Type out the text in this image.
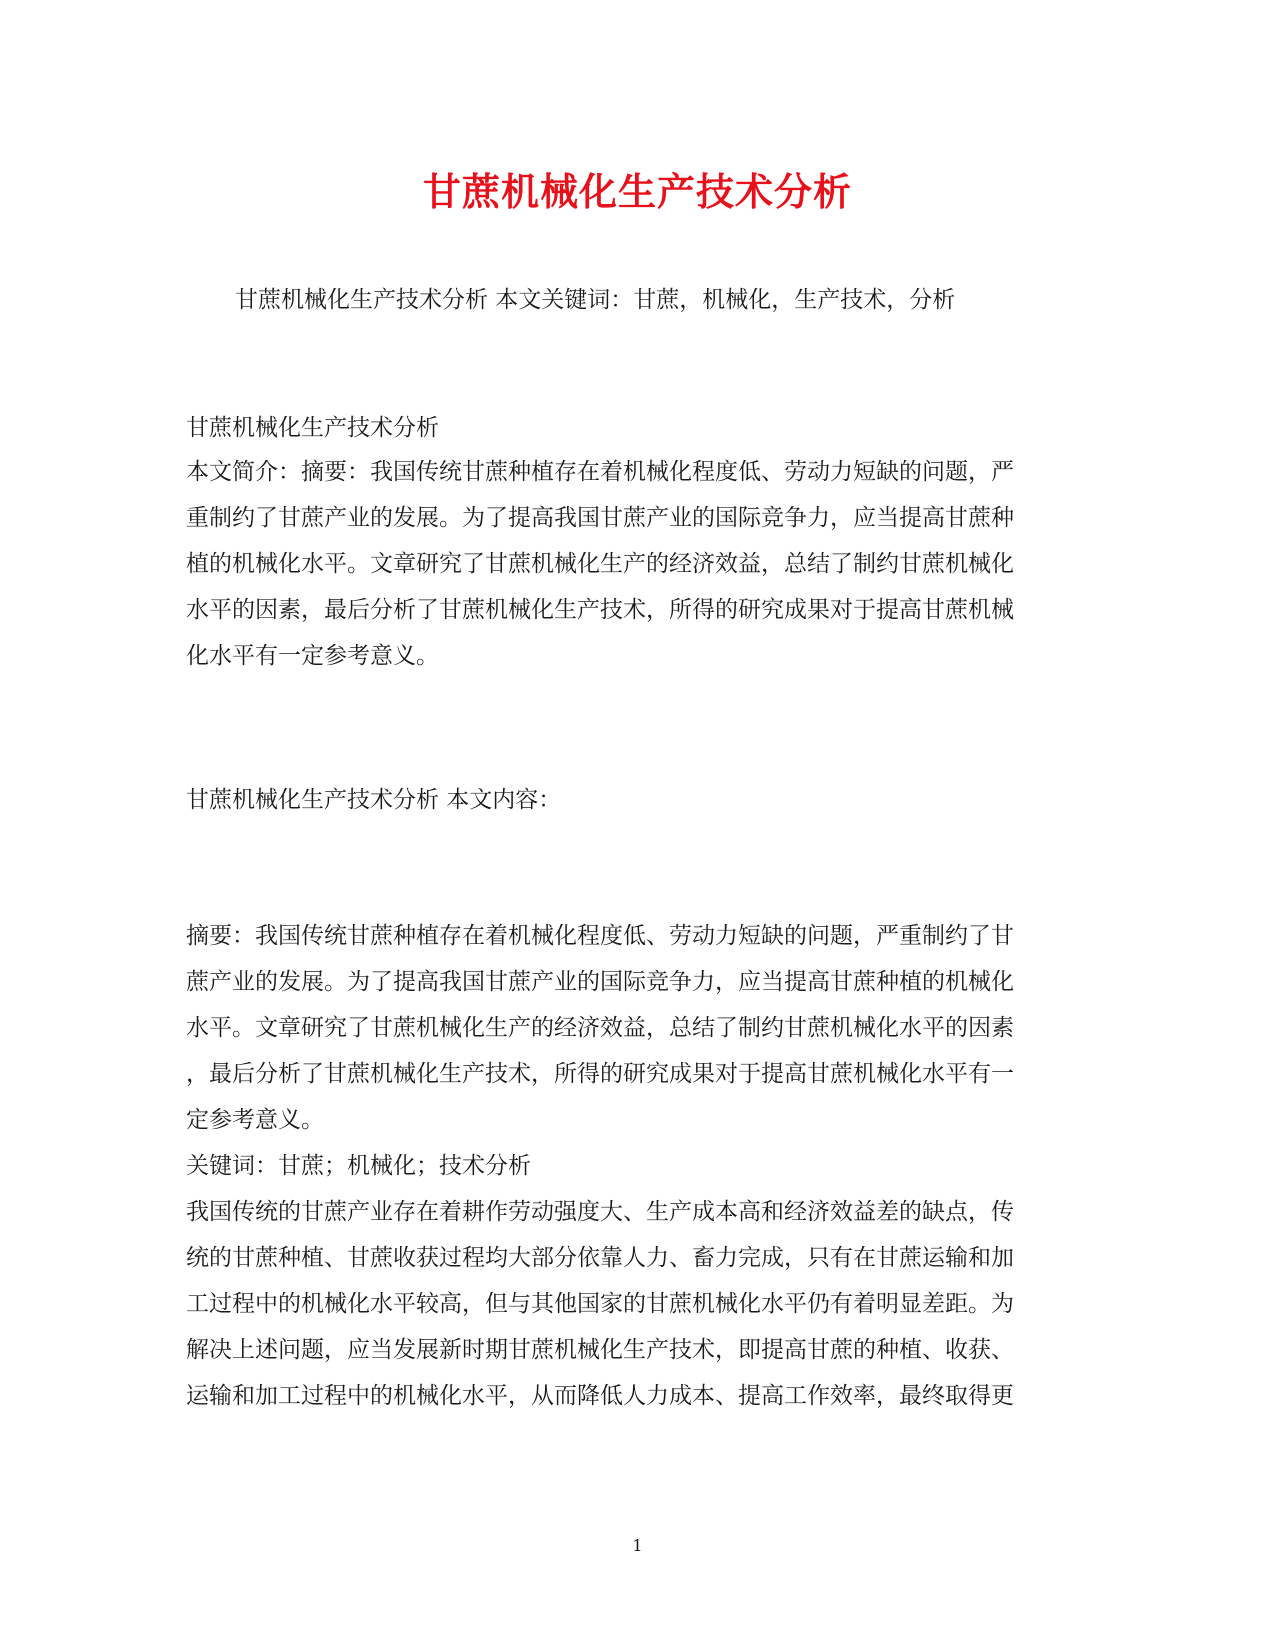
甘蔗机械化生产技术分析
甘蔗机械化生产技术分析 本文关键词：甘蔗，机械化，生产技术，分析
甘蔗机械化生产技术分析
本文简介：摘要：我国传统甘蔗种植存在着机械化程度低、劳动力短缺的问题，严
重制约了甘蔗产业的发展。为了提高我国甘蔗产业的国际竞争力，应当提高甘蔗种
植的机械化水平。文章研究了甘蔗机械化生产的经济效益，总结了制约甘蔗机械化
水平的因素，最后分析了甘蔗机械化生产技术，所得的研究成果对于提高甘蔗机械
化水平有一定参考意义。
甘蔗机械化生产技术分析 本文内容：
摘要：我国传统甘蔗种植存在着机械化程度低、劳动力短缺的问题，严重制约了甘
蔗产业的发展。为了提高我国甘蔗产业的国际竞争力，应当提高甘蔗种植的机械化
水平。文章研究了甘蔗机械化生产的经济效益，总结了制约甘蔗机械化水平的因素
，最后分析了甘蔗机械化生产技术，所得的研究成果对于提高甘蔗机械化水平有一
定参考意义。
关键词：甘蔗；机械化；技术分析
我国传统的甘蔗产业存在着耕作劳动强度大、生产成本高和经济效益差的缺点，传
统的甘蔗种植、甘蔗收获过程均大部分依靠人力、畜力完成，只有在甘蔗运输和加
工过程中的机械化水平较高，但与其他国家的甘蔗机械化水平仍有着明显差距。为
解决上述问题，应当发展新时期甘蔗机械化生产技术，即提高甘蔗的种植、收获、
运输和加工过程中的机械化水平，从而降低人力成本、提高工作效率，最终取得更
1
